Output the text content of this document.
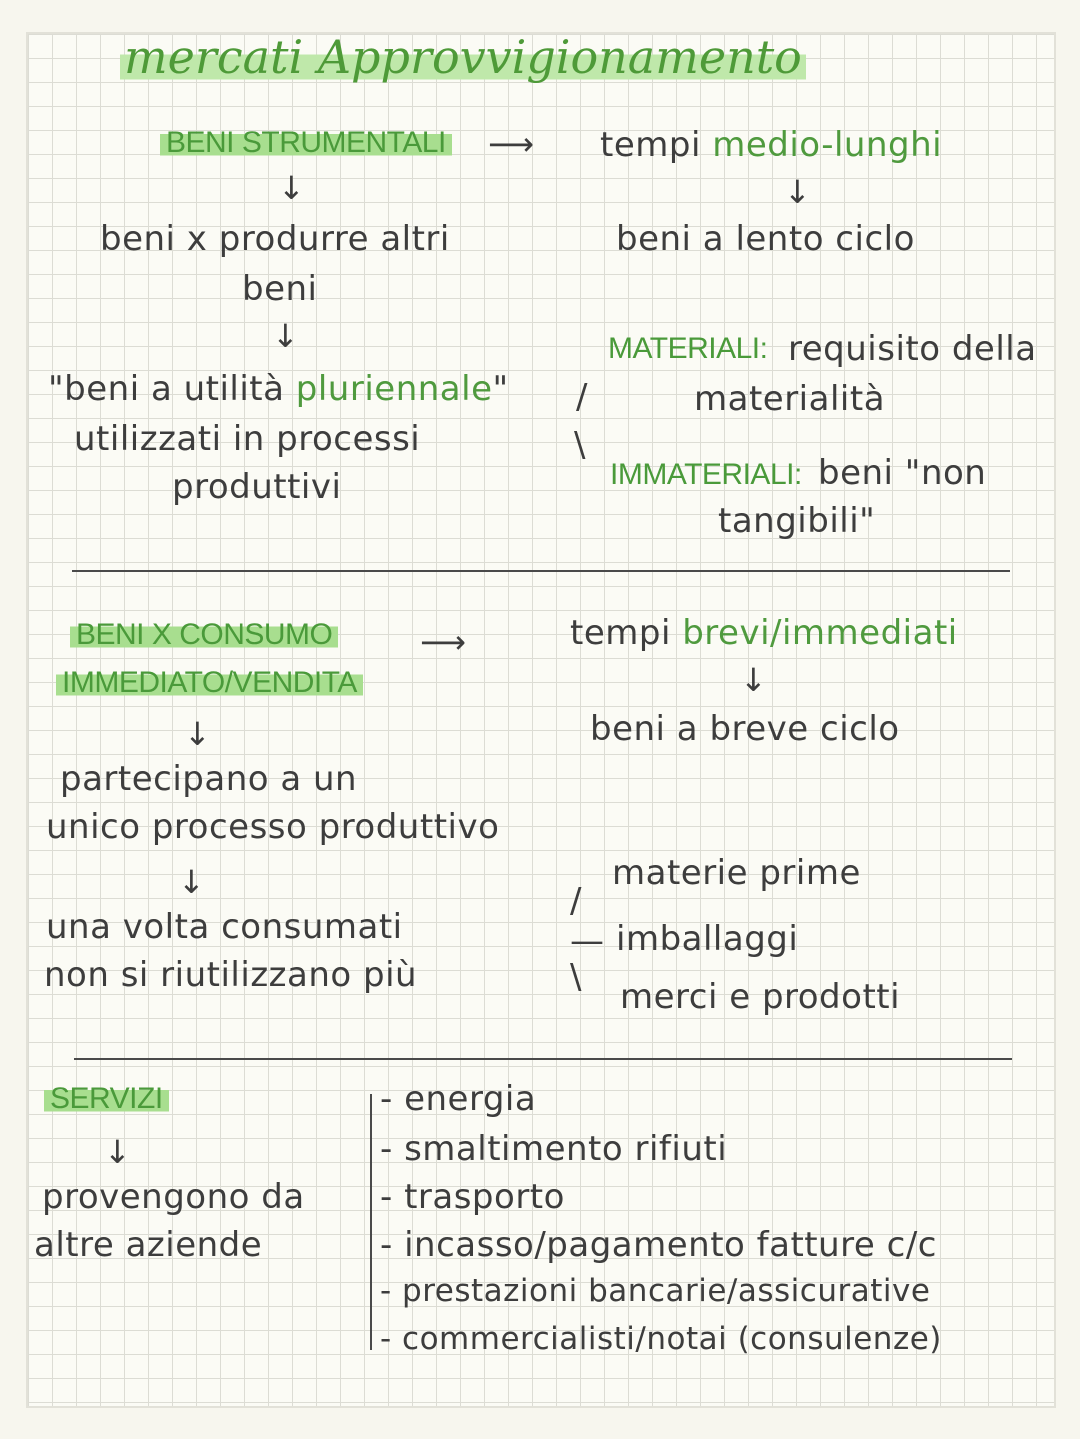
mercati Approvvigionamento
BENI STRUMENTALI ⟶ tempi medio-lunghi
↓	↓
beni x produrre altri	beni a lento ciclo
beni
↓	MATERIALI: requisito della
materialità
"beni a utilità pluriennale" /
utilizzati in processi	\
produttivi	IMMATERIALI: beni "non
tangibili"
BENI X CONSUMO
IMMEDIATO/VENDITA
⟶	tempi brevi/immediati
↓
beni a breve ciclo
↓
partecipano a un
unico processo produttivo
↓
una volta consumati
non si riutilizzano più
/
—
\
materie prime
imballaggi
merci e prodotti
SERVIZI
↓
provengono da
altre aziende
- energia
- smaltimento rifiuti
- trasporto
- incasso/pagamento fatture c/c
- prestazioni bancarie/assicurative
- commercialisti/notai (consulenze)
